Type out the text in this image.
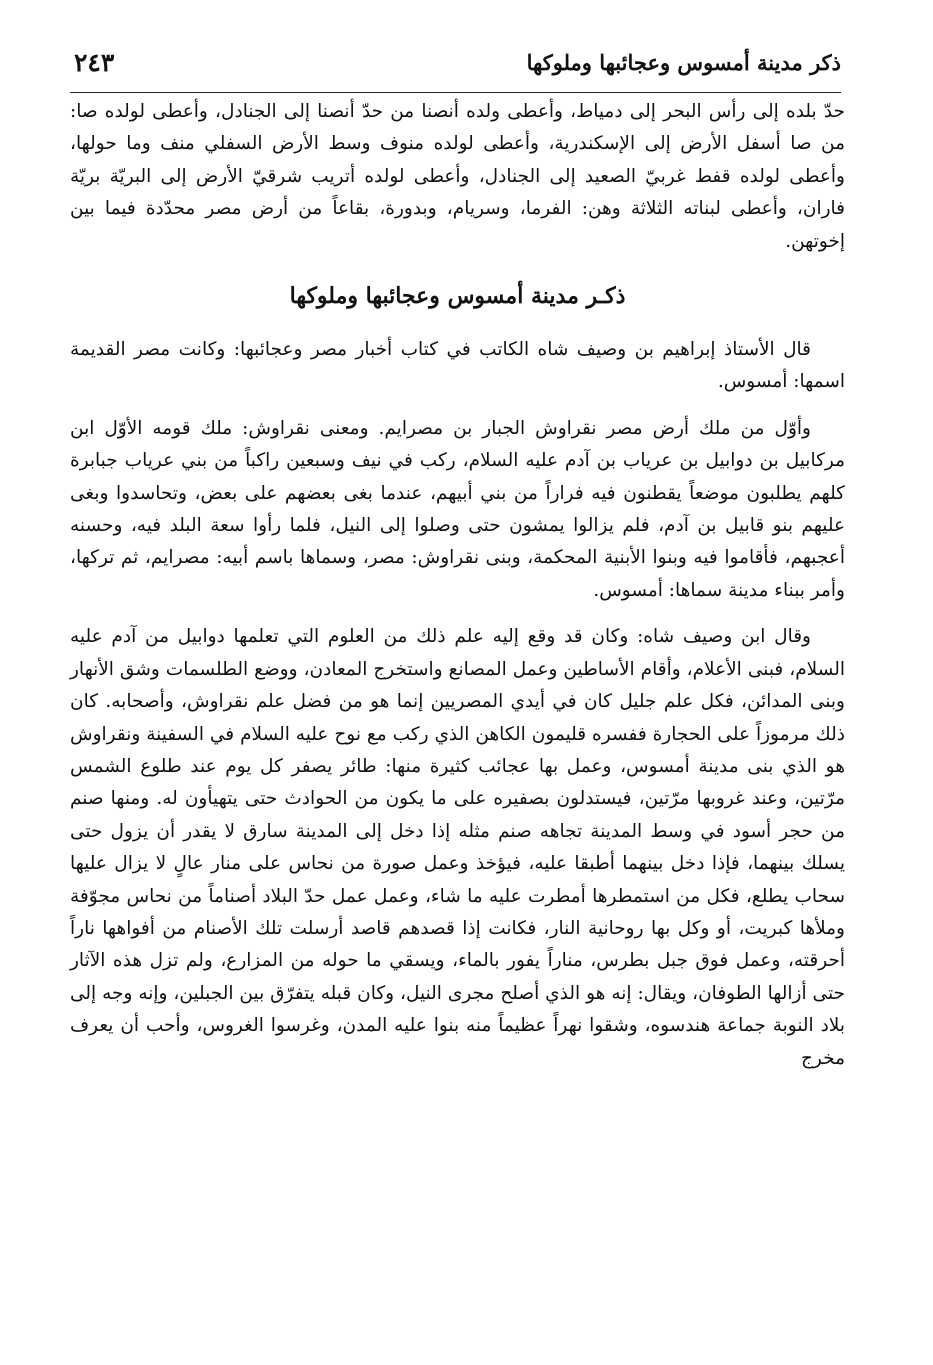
ذكر مدينة أمسوس وعجائبها وملوكها
٢٤٣

حدّ بلده إلى رأس البحر إلى دمياط، وأعطى ولده أنصنا من حدّ أنصنا إلى الجنادل، وأعطى لولده صا: من صا أسفل الأرض إلى الإسكندرية، وأعطى لولده منوف وسط الأرض السفلي منف وما حولها، وأعطى لولده قفط غربيّ الصعيد إلى الجنادل، وأعطى لولده أتريب شرقيّ الأرض إلى البريّة بريّة فاران، وأعطى لبناته الثلاثة وهن: الفرما، وسريام، وبدورة، بقاعاً من أرض مصر محدّدة فيما بين إخوتهن.

ذكـر مدينة أمسوس وعجائبها وملوكها

قال الأستاذ إبراهيم بن وصيف شاه الكاتب في كتاب أخبار مصر وعجائبها: وكانت مصر القديمة اسمها: أمسوس.

وأوّل من ملك أرض مصر نقراوش الجبار بن مصرايم. ومعنى نقراوش: ملك قومه الأوّل ابن مركابيل بن دوابيل بن عرياب بن آدم عليه السلام، ركب في نيف وسبعين راكباً من بني عرياب جبابرة كلهم يطلبون موضعاً يقطنون فيه فراراً من بني أبيهم، عندما بغى بعضهم على بعض، وتحاسدوا وبغى عليهم بنو قابيل بن آدم، فلم يزالوا يمشون حتى وصلوا إلى النيل، فلما رأوا سعة البلد فيه، وحسنه أعجبهم، فأقاموا فيه وبنوا الأبنية المحكمة، وبنى نقراوش: مصر، وسماها باسم أبيه: مصرايم، ثم تركها، وأمر ببناء مدينة سماها: أمسوس.

وقال ابن وصيف شاه: وكان قد وقع إليه علم ذلك من العلوم التي تعلمها دوابيل من آدم عليه السلام، فبنى الأعلام، وأقام الأساطين وعمل المصانع واستخرج المعادن، ووضع الطلسمات وشق الأنهار وبنى المدائن، فكل علم جليل كان في أيدي المصريين إنما هو من فضل علم نقراوش، وأصحابه. كان ذلك مرموزاً على الحجارة ففسره قليمون الكاهن الذي ركب مع نوح عليه السلام في السفينة ونقراوش هو الذي بنى مدينة أمسوس، وعمل بها عجائب كثيرة منها: طائر يصفر كل يوم عند طلوع الشمس مرّتين، وعند غروبها مرّتين، فيستدلون بصفيره على ما يكون من الحوادث حتى يتهيأون له. ومنها صنم من حجر أسود في وسط المدينة تجاهه صنم مثله إذا دخل إلى المدينة سارق لا يقدر أن يزول حتى يسلك بينهما، فإذا دخل بينهما أطبقا عليه، فيؤخذ وعمل صورة من نحاس على منار عالٍ لا يزال عليها سحاب يطلع، فكل من استمطرها أمطرت عليه ما شاء، وعمل عمل حدّ البلاد أصناماً من نحاس مجوّفة وملأها كبريت، أو وكل بها روحانية النار، فكانت إذا قصدهم قاصد أرسلت تلك الأصنام من أفواهها ناراً أحرقته، وعمل فوق جبل بطرس، مناراً يفور بالماء، ويسقي ما حوله من المزارع، ولم تزل هذه الآثار حتى أزالها الطوفان، ويقال: إنه هو الذي أصلح مجرى النيل، وكان قبله يتفرّق بين الجبلين، وإنه وجه إلى بلاد النوبة جماعة هندسوه، وشقوا نهراً عظيماً منه بنوا عليه المدن، وغرسوا الغروس، وأحب أن يعرف مخرج
